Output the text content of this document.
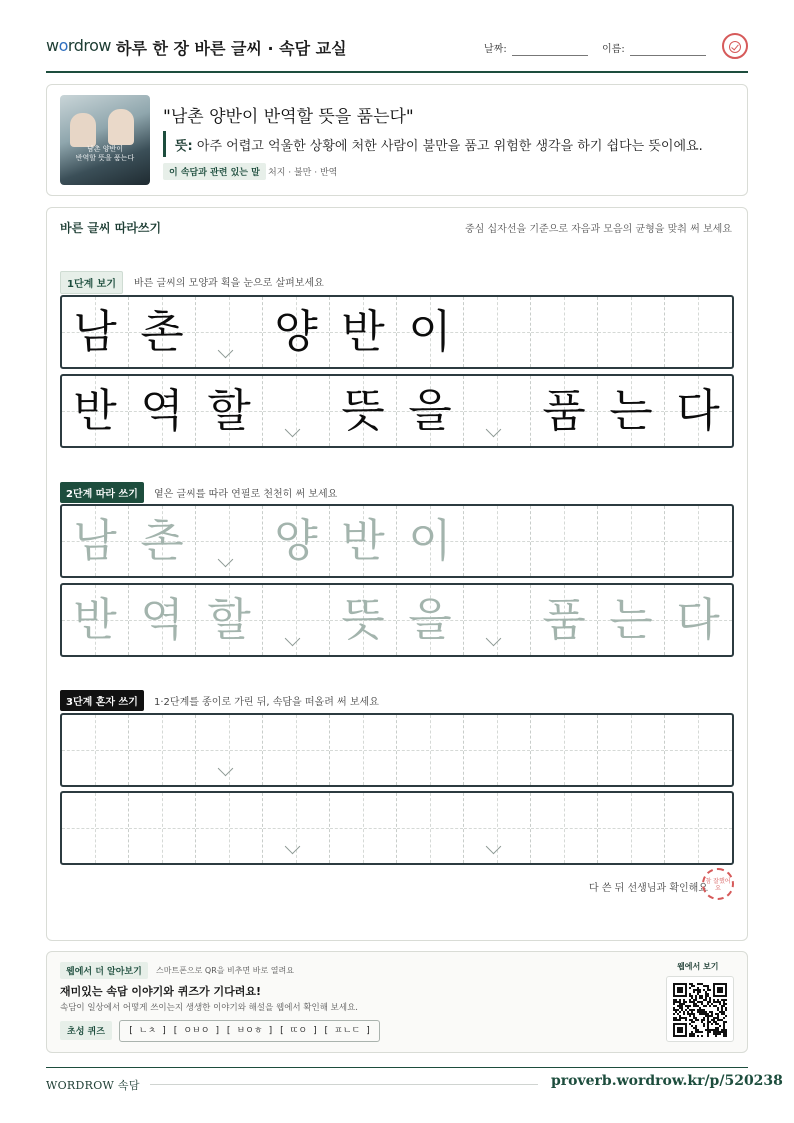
wordrow 하루 한 장 바른 글씨 · 속담 교실	날짜:	이름:
남촌 양반이
반역할 뜻을 품는다
"남촌 양반이 반역할 뜻을 품는다"
뜻: 아주 어렵고 억울한 상황에 처한 사람이 불만을 품고 위험한 생각을 하기 쉽다는 뜻이에요.
이 속담과 관련 있는 말 처지 · 불만 · 반역
바른 글씨 따라쓰기	중심 십자선을 기준으로 자음과 모음의 균형을 맞춰 써 보세요
1단계 보기	바른 글씨의 모양과 획을 눈으로 살펴보세요
남 촌 양 반 이
반 역 할 뜻 을 품 는 다
2단계 따라 쓰기	옅은 글씨를 따라 연필로 천천히 써 보세요
남 촌 양 반 이
반 역 할 뜻 을 품 는 다
3단계 혼자 쓰기	1·2단계를 종이로 가린 뒤, 속담을 떠올려 써 보세요
다 쓴 뒤 선생님과 확인해요
참 잘했어요
웹에서 더 알아보기	스마트폰으로 QR을 비추면 바로 열려요
재미있는 속담 이야기와 퀴즈가 기다려요!
속담이 일상에서 어떻게 쓰이는지 생생한 이야기와 해설을 웹에서 확인해 보세요.
초성 퀴즈	[ ㄴㅊ ] [ ㅇㅂㅇ ] [ ㅂㅇㅎ ] [ ㄸㅇ ] [ ㅍㄴㄷ ]
웹에서 보기
WORDROW 속담	proverb.wordrow.kr/p/520238
